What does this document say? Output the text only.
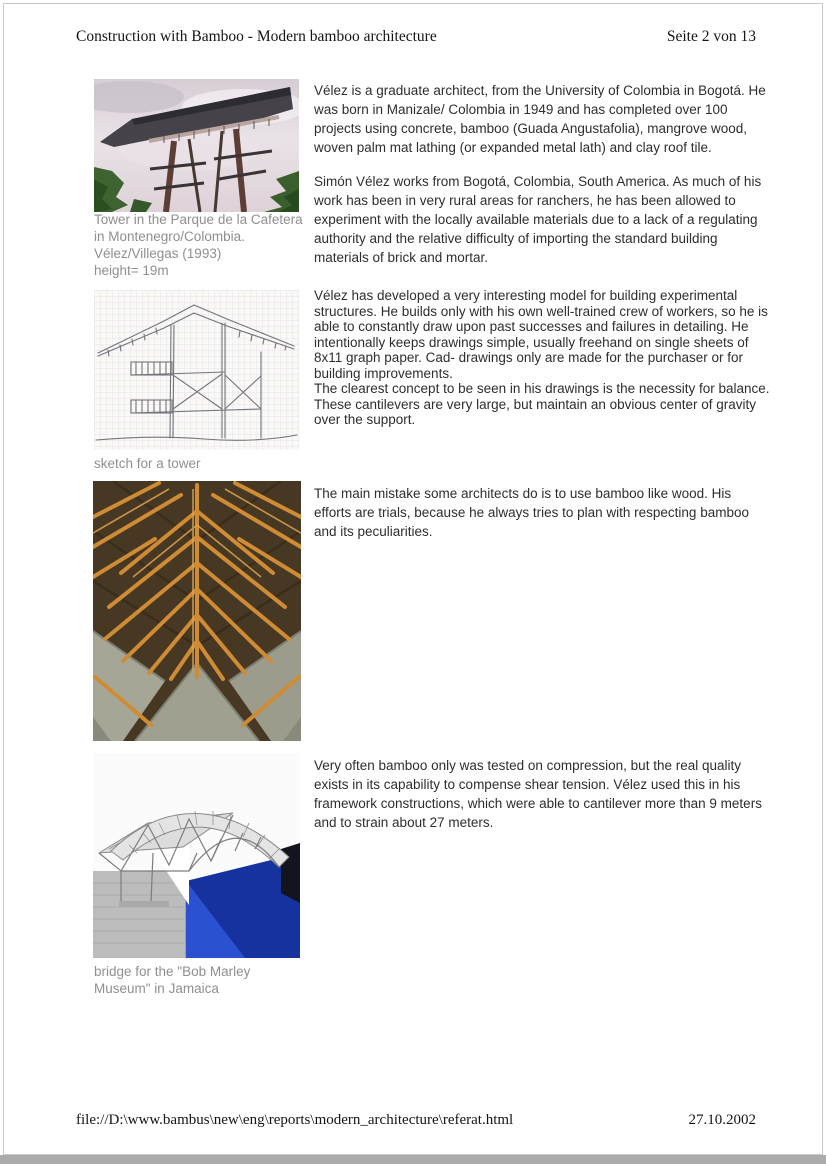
Construction with Bamboo - Modern bamboo architecture	Seite 2 von 13
Tower in the Parque de la Cafetera
in Montenegro/Colombia.
Vélez/Villegas (1993)
height= 19m
Vélez is a graduate architect, from the University of Colombia in Bogotá. He
was born in Manizale/ Colombia in 1949 and has completed over 100
projects using concrete, bamboo (Guada Angustafolia), mangrove wood,
woven palm mat lathing (or expanded metal lath) and clay roof tile.
Simón Vélez works from Bogotá, Colombia, South America. As much of his
work has been in very rural areas for ranchers, he has been allowed to
experiment with the locally available materials due to a lack of a regulating
authority and the relative difficulty of importing the standard building
materials of brick and mortar.
sketch for a tower
Vélez has developed a very interesting model for building experimental
structures. He builds only with his own well-trained crew of workers, so he is
able to constantly draw upon past successes and failures in detailing. He
intentionally keeps drawings simple, usually freehand on single sheets of
8x11 graph paper. Cad- drawings only are made for the purchaser or for
building improvements.
The clearest concept to be seen in his drawings is the necessity for balance.
These cantilevers are very large, but maintain an obvious center of gravity
over the support.
The main mistake some architects do is to use bamboo like wood. His
efforts are trials, because he always tries to plan with respecting bamboo
and its peculiarities.
bridge for the "Bob Marley
Museum" in Jamaica
Very often bamboo only was tested on compression, but the real quality
exists in its capability to compense shear tension. Vélez used this in his
framework constructions, which were able to cantilever more than 9 meters
and to strain about 27 meters.
file://D:\www.bambus\new\eng\reports\modern_architecture\referat.html	27.10.2002
